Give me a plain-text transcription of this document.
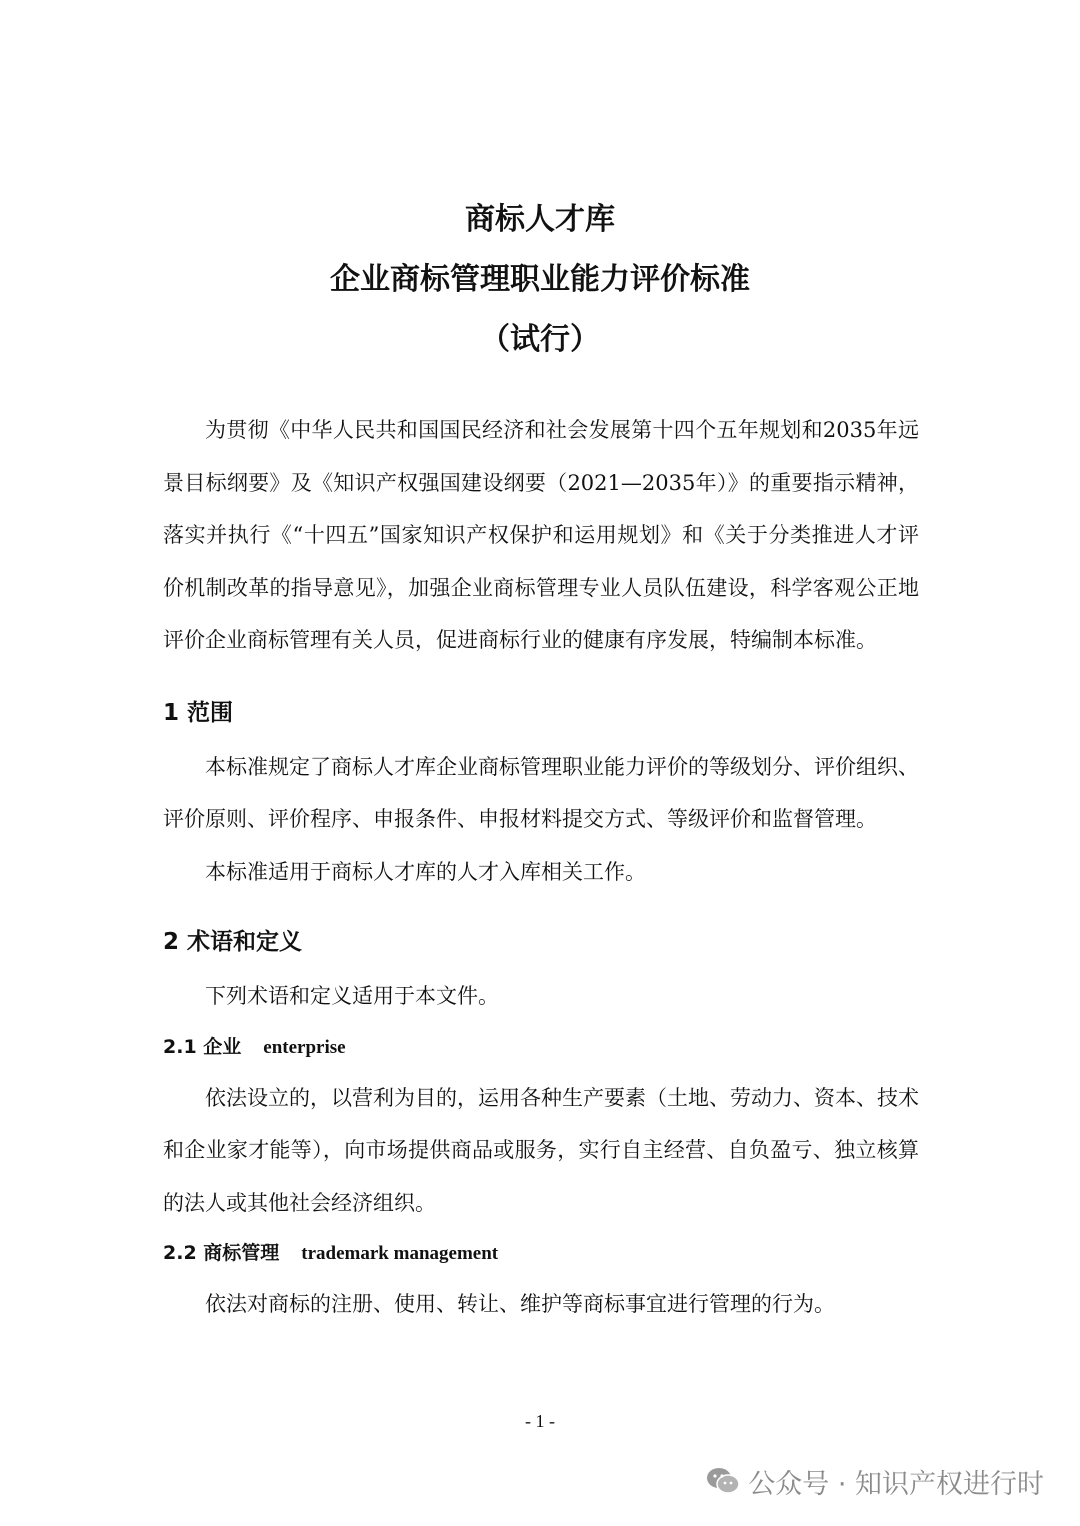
商标人才库
企业商标管理职业能力评价标准
（试行）

为贯彻《中华人民共和国国民经济和社会发展第十四个五年规划和2035年远景目标纲要》及《知识产权强国建设纲要（2021—2035年）》的重要指示精神，落实并执行《“十四五”国家知识产权保护和运用规划》和《关于分类推进人才评价机制改革的指导意见》，加强企业商标管理专业人员队伍建设，科学客观公正地评价企业商标管理有关人员，促进商标行业的健康有序发展，特编制本标准。

1 范围

本标准规定了商标人才库企业商标管理职业能力评价的等级划分、评价组织、评价原则、评价程序、申报条件、申报材料提交方式、等级评价和监督管理。

本标准适用于商标人才库的人才入库相关工作。

2 术语和定义

下列术语和定义适用于本文件。

2.1 企业 enterprise

依法设立的，以营利为目的，运用各种生产要素（土地、劳动力、资本、技术和企业家才能等），向市场提供商品或服务，实行自主经营、自负盈亏、独立核算的法人或其他社会经济组织。

2.2 商标管理 trademark management

依法对商标的注册、使用、转让、维护等商标事宜进行管理的行为。

- 1 -
公众号 · 知识产权进行时
